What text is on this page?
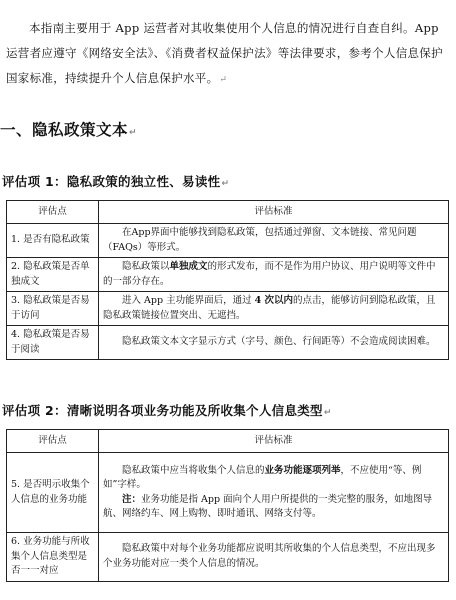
本指南主要用于 App 运营者对其收集使用个人信息的情况进行自查自纠。App 运营者应遵守《网络安全法》、《消费者权益保护法》等法律要求，参考个人信息保护国家标准，持续提升个人信息保护水平。↵

一、隐私政策文本↵
评估项 1：隐私政策的独立性、易读性↵
评估点	评估标准
1. 是否有隐私政策	在App界面中能够找到隐私政策，包括通过弹窗、文本链接、常见问题（FAQs）等形式。
2. 隐私政策是否单独成文	隐私政策以单独成文的形式发布，而不是作为用户协议、用户说明等文件中的一部分存在。
3. 隐私政策是否易于访问	进入 App 主功能界面后，通过 4 次以内的点击，能够访问到隐私政策，且隐私政策链接位置突出、无遮挡。
4. 隐私政策是否易于阅读	隐私政策文本文字显示方式（字号、颜色、行间距等）不会造成阅读困难。
评估项 2：清晰说明各项业务功能及所收集个人信息类型↵
评估点	评估标准
5. 是否明示收集个人信息的业务功能	隐私政策中应当将收集个人信息的业务功能逐项列举，不应使用“等、例如”字样。
注：业务功能是指 App 面向个人用户所提供的一类完整的服务，如地图导航、网络约车、网上购物、即时通讯、网络支付等。

6. 业务功能与所收集个人信息类型是否一一对应	隐私政策中对每个业务功能都应说明其所收集的个人信息类型，不应出现多个业务功能对应一类个人信息的情况。
